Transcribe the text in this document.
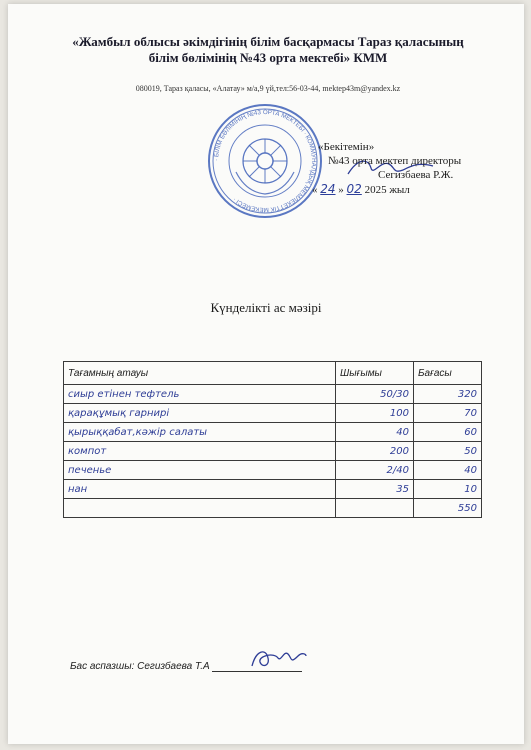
«Жамбыл облысы әкімдігінің білім басқармасы Тараз қаласының
білім бөлімінің №43 орта мектебі» КММ
080019, Тараз қаласы, «Алатау» м/а,9 үй,тел:56-03-44, mektep43m@yandex.kz
· БІЛІМ БӨЛІМІНІҢ №43 ОРТА МЕКТЕБІ · КОММУНАЛДЫҚ МЕМЛЕКЕТТІК МЕКЕМЕСІ ·
«Бекітемін»
№43 орта мектеп директоры
Сегизбаева Р.Ж.
« 24 » 02 2025 жыл
Күнделікті ас мәзірі
Тағамның атауы	Шығымы	Бағасы
сиыр етінен тефтель	50/30	320
қарақұмық гарнирі	100	70
қырыққабат,кәжір салаты	40	60
компот	200	50
печенье	2/40	40
нан	35	10
		550
Бас аспазшы: Сегизбаева Т.А
